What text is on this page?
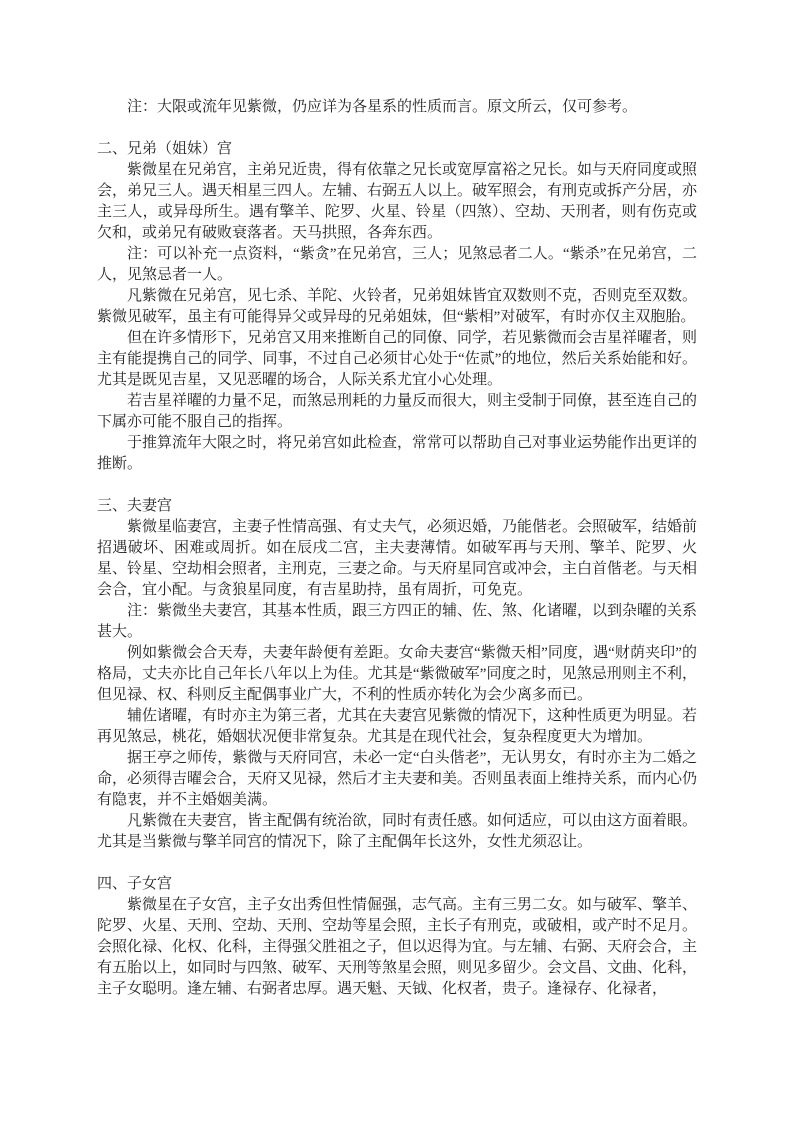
注：大限或流年见紫微，仍应详为各星系的性质而言。原文所云，仅可参考。

二、兄弟（姐妹）宫

紫微星在兄弟宫，主弟兄近贵，得有依靠之兄长或宽厚富裕之兄长。如与天府同度或照会，弟兄三人。遇天相星三四人。左辅、右弼五人以上。破军照会，有刑克或拆产分居，亦主三人，或异母所生。遇有擎羊、陀罗、火星、铃星（四煞）、空劫、天刑者，则有伤克或欠和，或弟兄有破败衰落者。天马拱照，各奔东西。

注：可以补充一点资料，“紫贪”在兄弟宫，三人；见煞忌者二人。“紫杀”在兄弟宫，二人，见煞忌者一人。

凡紫微在兄弟宫，见七杀、羊陀、火铃者，兄弟姐妹皆宜双数则不克，否则克至双数。紫微见破军，虽主有可能得异父或异母的兄弟姐妹，但“紫相”对破军，有时亦仅主双胞胎。

但在许多情形下，兄弟宫又用来推断自己的同僚、同学，若见紫微而会吉星祥曜者，则主有能提携自己的同学、同事，不过自己必须甘心处于“佐贰”的地位，然后关系始能和好。尤其是既见吉星，又见恶曜的场合，人际关系尤宜小心处理。

若吉星祥曜的力量不足，而煞忌刑耗的力量反而很大，则主受制于同僚，甚至连自己的下属亦可能不服自己的指挥。

于推算流年大限之时，将兄弟宫如此检查，常常可以帮助自己对事业运势能作出更详的推断。

三、夫妻宫

紫微星临妻宫，主妻子性情高强、有丈夫气，必须迟婚，乃能偕老。会照破军，结婚前招遇破坏、困难或周折。如在辰戌二宫，主夫妻薄情。如破军再与天刑、擎羊、陀罗、火星、铃星、空劫相会照者，主刑克，三妻之命。与天府星同宫或冲会，主白首偕老。与天相会合，宜小配。与贪狼星同度，有吉星助持，虽有周折，可免克。

注：紫微坐夫妻宫，其基本性质，跟三方四正的辅、佐、煞、化诸曜，以到杂曜的关系甚大。

例如紫微会合天寿，夫妻年龄便有差距。女命夫妻宫“紫微天相”同度，遇“财荫夹印”的格局，丈夫亦比自己年长八年以上为佳。尤其是“紫微破军”同度之时，见煞忌刑则主不利，但见禄、权、科则反主配偶事业广大，不利的性质亦转化为会少离多而已。

辅佐诸曜，有时亦主为第三者，尤其在夫妻宫见紫微的情况下，这种性质更为明显。若再见煞忌，桃花，婚姻状况便非常复杂。尤其是在现代社会，复杂程度更大为增加。

据王亭之师传，紫微与天府同宫，未必一定“白头偕老”，无认男女，有时亦主为二婚之命，必须得吉曜会合，天府又见禄，然后才主夫妻和美。否则虽表面上维持关系，而内心仍有隐衷，并不主婚姻美满。

凡紫微在夫妻宫，皆主配偶有统治欲，同时有责任感。如何适应，可以由这方面着眼。尤其是当紫微与擎羊同宫的情况下，除了主配偶年长这外，女性尤须忍让。

四、子女宫

紫微星在子女宫，主子女出秀但性情倔强，志气高。主有三男二女。如与破军、擎羊、陀罗、火星、天刑、空劫、天刑、空劫等星会照，主长子有刑克，或破相，或产时不足月。会照化禄、化权、化科，主得强父胜祖之子，但以迟得为宜。与左辅、右弼、天府会合，主有五胎以上，如同时与四煞、破军、天刑等煞星会照，则见多留少。会文昌、文曲、化科，主子女聪明。逢左辅、右弼者忠厚。遇天魁、天钺、化权者，贵子。逢禄存、化禄者，
